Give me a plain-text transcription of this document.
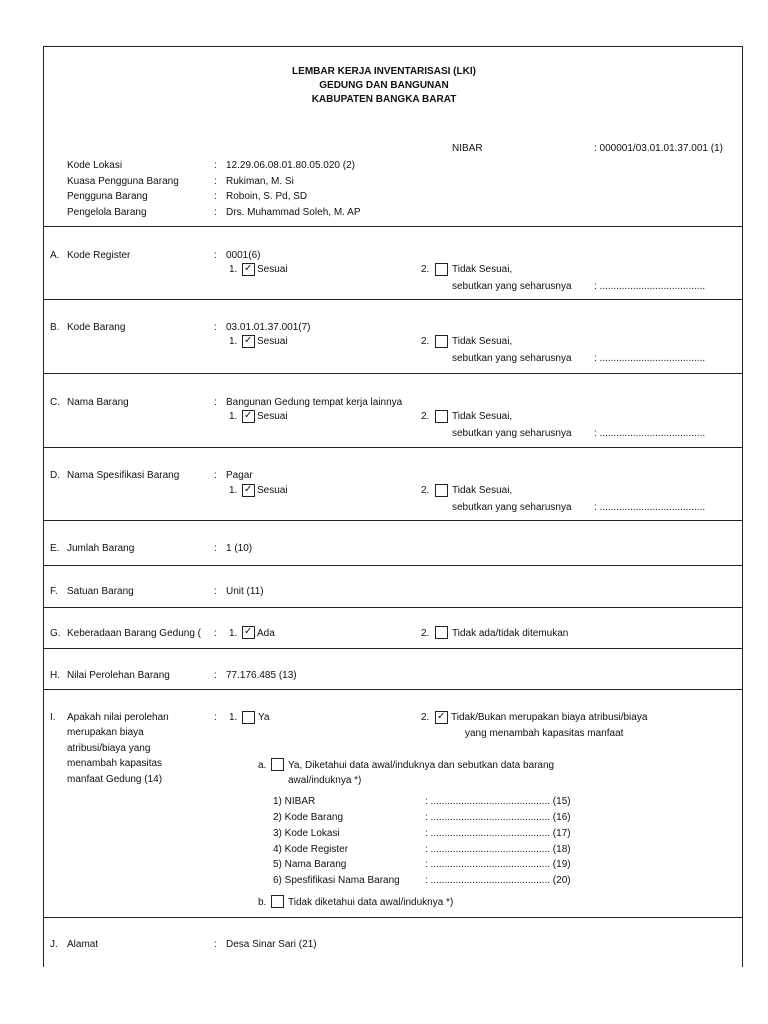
LEMBAR KERJA INVENTARISASI (LKI)
GEDUNG DAN BANGUNAN
KABUPATEN BANGKA BARAT
NIBAR	: 000001/03.01.01.37.001 (1)
Kode Lokasi	: 12.29.06.08.01.80.05.020 (2)
Kuasa Pengguna Barang	: Rukiman, M. Si
Pengguna Barang	: Roboin, S. Pd, SD
Pengelola Barang	: Drs. Muhammad Soleh, M. AP
A. Kode Register	: 0001(6)
1. ✓ Sesuai	2. Tidak Sesuai,
sebutkan yang seharusnya : ......................................
B. Kode Barang	: 03.01.01.37.001(7)
1. ✓ Sesuai	2. Tidak Sesuai,
sebutkan yang seharusnya : ......................................
C. Nama Barang	: Bangunan Gedung tempat kerja lainnya
1. ✓ Sesuai	2. Tidak Sesuai,
sebutkan yang seharusnya : ......................................
D. Nama Spesifikasi Barang	: Pagar
1. ✓ Sesuai	2. Tidak Sesuai,
sebutkan yang seharusnya : ......................................
E. Jumlah Barang	: 1 (10)
F. Satuan Barang	: Unit (11)
G. Keberadaan Barang Gedung ( : 1. ✓ Ada	2. Tidak ada/tidak ditemukan
H. Nilai Perolehan Barang	: 77.176.485 (13)
I. Apakah nilai perolehan
merupakan biaya
atribusi/biaya yang
menambah kapasitas
manfaat Gedung (14)
: 1. Ya	2. ✓ Tidak/Bukan merupakan biaya atribusi/biaya
yang menambah kapasitas manfaat
a. Ya, Diketahui data awal/induknya dan sebutkan data barang
awal/induknya *)
1) NIBAR	: ........................................... (15)
2) Kode Barang	: ........................................... (16)
3) Kode Lokasi	: ........................................... (17)
4) Kode Register	: ........................................... (18)
5) Nama Barang	: ........................................... (19)
6) Spesfifikasi Nama Barang	: ........................................... (20)
b. Tidak diketahui data awal/induknya *)
J. Alamat	: Desa Sinar Sari (21)
